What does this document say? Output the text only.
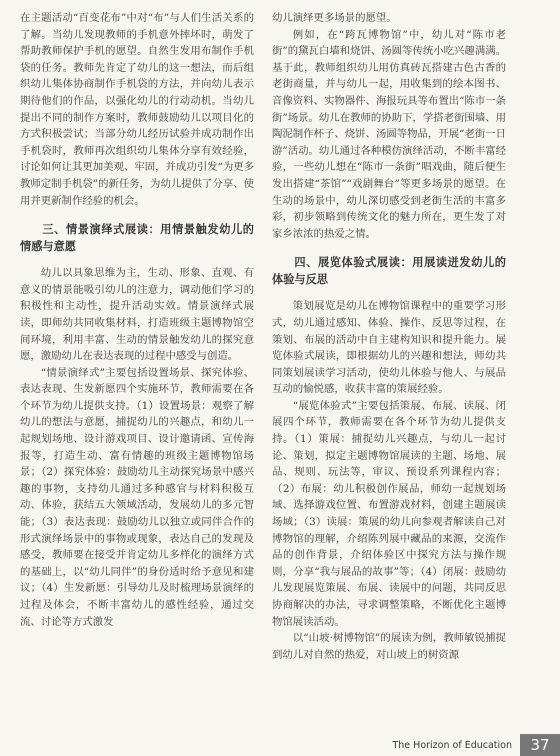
在主题活动“百变花布”中对“布”与人们生活关系的了解。当幼儿发现教师的手机意外摔坏时，萌发了帮助教师保护手机的愿望。自然生发用布制作手机袋的任务。教师先肯定了幼儿的这一想法，而后组织幼儿集体协商制作手机袋的方法，并向幼儿表示期待他们的作品，以强化幼儿的行动动机。当幼儿提出不同的制作方案时，教师鼓励幼儿以项目化的方式积极尝试；当部分幼儿经历试验并成功制作出手机袋时，教师再次组织幼儿集体分享有效经验，讨论如何让其更加美观、牢固，并成功引发“为更多教师定制手机袋”的新任务，为幼儿提供了分享、使用并更新制作经验的机会。

三、情景演绎式展读：用情景触发幼儿的情感与意愿

幼儿以具象思维为主，生动、形象、直观、有意义的情景能吸引幼儿的注意力，调动他们学习的积极性和主动性，提升活动实效。情景演绎式展读，即师幼共同收集材料，打造班级主题博物馆空间环境，利用丰富、生动的情景触发幼儿的探究意愿，激励幼儿在表达表现的过程中感受与创造。

“情景演绎式”主要包括设置场景、探究体验、表达表现、生发新愿四个实施环节，教师需要在各个环节为幼儿提供支持。（1）设置场景：观察了解幼儿的想法与意愿，捕捉幼儿的兴趣点，和幼儿一起规划场地、设计游戏项目、设计邀请函、宣传海报等，打造生动、富有情趣的班级主题博物馆场景；（2）探究体验：鼓励幼儿主动探究场景中感兴趣的事物，支持幼儿通过多种感官与材料积极互动、体验，获结五大领域活动，发展幼儿的多元智能；（3）表达表现：鼓励幼儿以独立或同伴合作的形式演绎场景中的事物或现象，表达自己的发现及感受，教师要在接受并肯定幼儿多样化的演绎方式的基础上，以“幼儿同伴”的身份适时给予意见和建议；（4）生发新愿：引导幼儿及时梳理场景演绎的过程及体会，不断丰富幼儿的感性经验，通过交流、讨论等方式激发

幼儿演绎更多场景的愿望。

例如，在“跨瓦博物馆”中，幼儿对“陈市老街”的黛瓦白墙和烧饼、汤圆等传统小吃兴趣满满。基于此，教师组织幼儿用仿真砖瓦搭建古色古香的老街商量，并与幼儿一起，用收集到的绘本图书、音像资料、实物器件、海报玩具等布置出“陈市一条街”场景。幼儿在教师的协助下，学搭老街围墙、用陶泥制作杯子、烧饼、汤圆等物品，开展“老街一日游”活动。幼儿通过各种模仿演绎活动，不断丰富经验，一些幼儿想在“陈市一条街”唱戏曲，随后便生发出搭建“茶馆”“戏剧舞台”等更多场景的愿望。在生动的场景中，幼儿深切感受到老街生活的丰富多彩，初步领略到传统文化的魅力所在，更生发了对家乡浓浓的热爱之情。

四、展览体验式展读：用展读迸发幼儿的体验与反思

策划展览是幼儿在博物馆课程中的重要学习形式，幼儿通过感知、体验、操作、反思等过程，在策划、布展的活动中自主建构知识和提升能力。展览体验式展读，即根据幼儿的兴趣和想法，师幼共同策划展读学习活动，使幼儿体验与他人、与展品互动的愉悦感，收获丰富的策展经验。

“展览体验式”主要包括策展、布展、读展、闭展四个环节，教师需要在各个环节为幼儿提供支持。（1）策展：捕捉幼儿兴趣点，与幼儿一起讨论、策划，拟定主题博物馆展读的主题、场地、展品、规则、玩法等，审议、预设系列课程内容；（2）布展：幼儿积极创作展品，师幼一起规划场域、选择游戏位置、布置游戏材料，创建主题展读场域；（3）读展：策展的幼儿向参观者解读自己对博物馆的理解，介绍陈列展中藏品的来源，交流作品的创作背景，介绍体验区中探究方法与操作规则，分享“我与展品的故事”等；（4）闭展：鼓励幼儿发现展览策展、布展、读展中的问题，共同反思协商解决的办法，寻求调整策略，不断优化主题博物馆展读活动。

以“山坡·树博物馆”的展读为例，教师敏锐捕捉到幼儿对自然的热爱，对山坡上的树资源

The Horizon of Education	37
